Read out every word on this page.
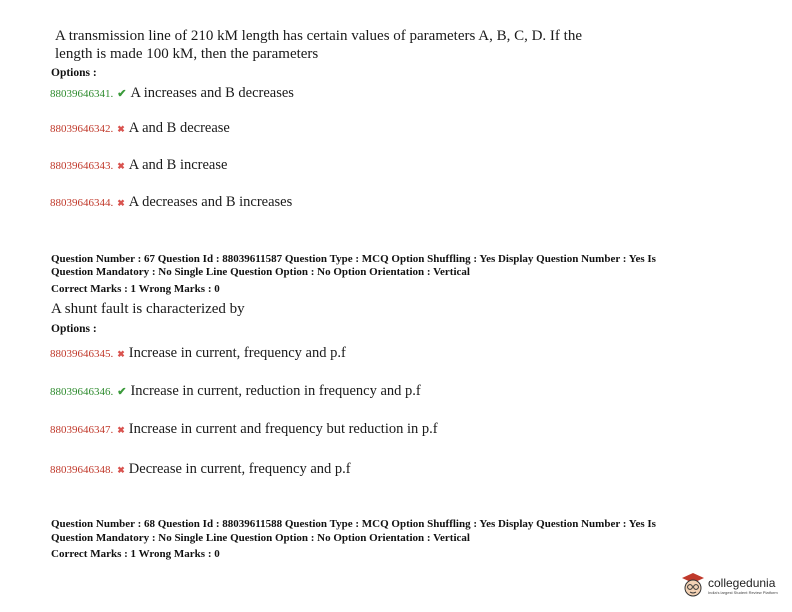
A transmission line of 210 kM length has certain values of parameters A, B, C, D. If the
length is made 100 kM, then the parameters
Options :
88039646341. ✔ A increases and B decreases
88039646342. ✖ A and B decrease
88039646343. ✖ A and B increase
88039646344. ✖ A decreases and B increases
Question Number : 67 Question Id : 88039611587 Question Type : MCQ Option Shuffling : Yes Display Question Number : Yes Is
Question Mandatory : No Single Line Question Option : No Option Orientation : Vertical
Correct Marks : 1 Wrong Marks : 0
A shunt fault is characterized by
Options :
88039646345. ✖ Increase in current, frequency and p.f
88039646346. ✔ Increase in current, reduction in frequency and p.f
88039646347. ✖ Increase in current and frequency but reduction in p.f
88039646348. ✖ Decrease in current, frequency and p.f
Question Number : 68 Question Id : 88039611588 Question Type : MCQ Option Shuffling : Yes Display Question Number : Yes Is
Question Mandatory : No Single Line Question Option : No Option Orientation : Vertical
Correct Marks : 1 Wrong Marks : 0
collegedunia
India's largest Student Review Platform
